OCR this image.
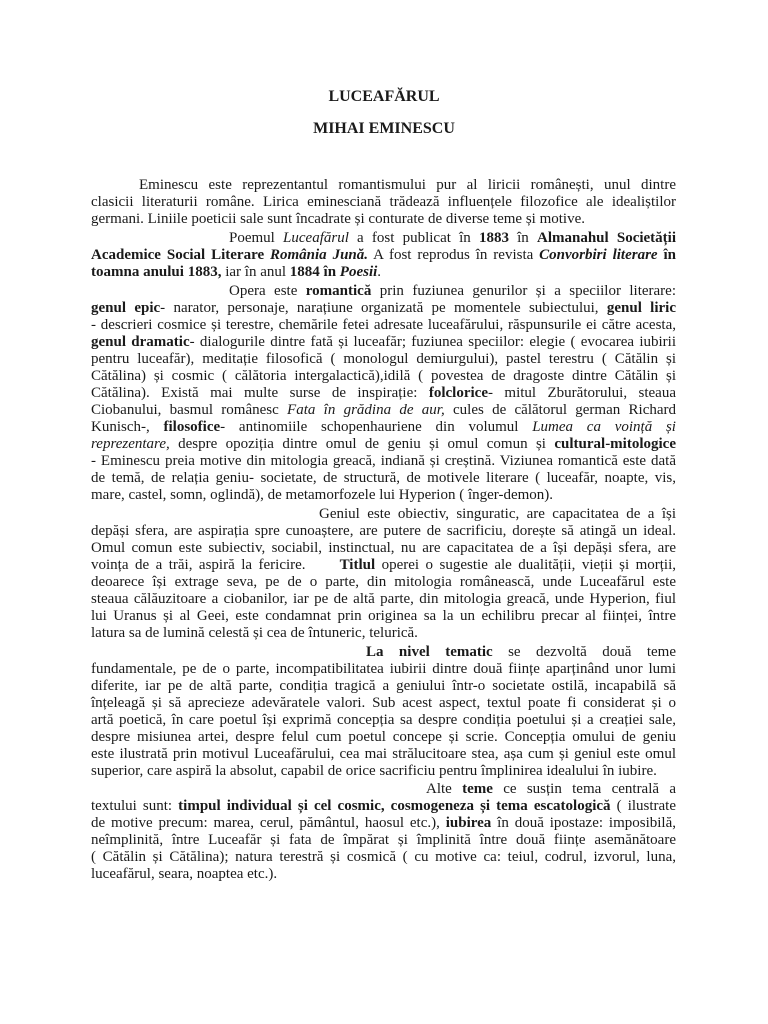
LUCEAFĂRUL
MIHAI EMINESCU
Eminescu este reprezentantul romantismului pur al liricii românești, unul dintre
clasicii literaturii române. Lirica eminesciană trădează influențele filozofice ale idealiștilor
germani. Liniile poeticii sale sunt încadrate și conturate de diverse teme și motive.
Poemul Luceafărul a fost publicat în 1883 în Almanahul Societății
Academice Social Literare România Jună. A fost reprodus în revista Convorbiri literare în
toamna anului 1883, iar în anul 1884 în Poesii.
Opera este romantică prin fuziunea genurilor și a speciilor literare:
genul epic- narator, personaje, narațiune organizată pe momentele subiectului, genul liric
- descrieri cosmice și terestre, chemările fetei adresate luceafărului, răspunsurile ei către acesta,
genul dramatic- dialogurile dintre fată și luceafăr; fuziunea speciilor: elegie ( evocarea iubirii
pentru luceafăr), meditație filosofică ( monologul demiurgului), pastel terestru ( Cătălin și
Cătălina) și cosmic ( călătoria intergalactică),idilă ( povestea de dragoste dintre Cătălin și
Cătălina). Există mai multe surse de inspirație: folclorice- mitul Zburătorului, steaua
Ciobanului, basmul românesc Fata în grădina de aur, cules de călătorul german Richard
Kunisch-, filosofice- antinomiile schopenhauriene din volumul Lumea ca voință și
reprezentare, despre opoziția dintre omul de geniu și omul comun și cultural-mitologice
- Eminescu preia motive din mitologia greacă, indiană și creștină. Viziunea romantică este dată
de temă, de relația geniu- societate, de structură, de motivele literare ( luceafăr, noapte, vis,
mare, castel, somn, oglindă), de metamorfozele lui Hyperion ( înger-demon).
Geniul este obiectiv, singuratic, are capacitatea de a își
depăși sfera, are aspirația spre cunoaștere, are putere de sacrificiu, dorește să atingă un ideal.
Omul comun este subiectiv, sociabil, instinctual, nu are capacitatea de a își depăși sfera, are
voința de a trăi, aspiră la fericire. Titlul operei o sugestie ale dualității, vieții și morții,
deoarece își extrage seva, pe de o parte, din mitologia românească, unde Luceafărul este
steaua călăuzitoare a ciobanilor, iar pe de altă parte, din mitologia greacă, unde Hyperion, fiul
lui Uranus și al Geei, este condamnat prin originea sa la un echilibru precar al ființei, între
latura sa de lumină celestă și cea de întuneric, telurică.
La nivel tematic se dezvoltă două teme
fundamentale, pe de o parte, incompatibilitatea iubirii dintre două ființe aparținând unor lumi
diferite, iar pe de altă parte, condiția tragică a geniului într-o societate ostilă, incapabilă să
înțeleagă și să aprecieze adevăratele valori. Sub acest aspect, textul poate fi considerat și o
artă poetică, în care poetul își exprimă concepția sa despre condiția poetului și a creației sale,
despre misiunea artei, despre felul cum poetul concepe și scrie. Concepția omului de geniu
este ilustrată prin motivul Luceafărului, cea mai strălucitoare stea, așa cum și geniul este omul
superior, care aspiră la absolut, capabil de orice sacrificiu pentru împlinirea idealului în iubire.
Alte teme ce susțin tema centrală a
textului sunt: timpul individual și cel cosmic, cosmogeneza și tema escatologică ( ilustrate
de motive precum: marea, cerul, pământul, haosul etc.), iubirea în două ipostaze: imposibilă,
neîmplinită, între Luceafăr și fata de împărat și împlinită între două ființe asemănătoare
( Cătălin și Cătălina); natura terestră și cosmică ( cu motive ca: teiul, codrul, izvorul, luna,
luceafărul, seara, noaptea etc.).
